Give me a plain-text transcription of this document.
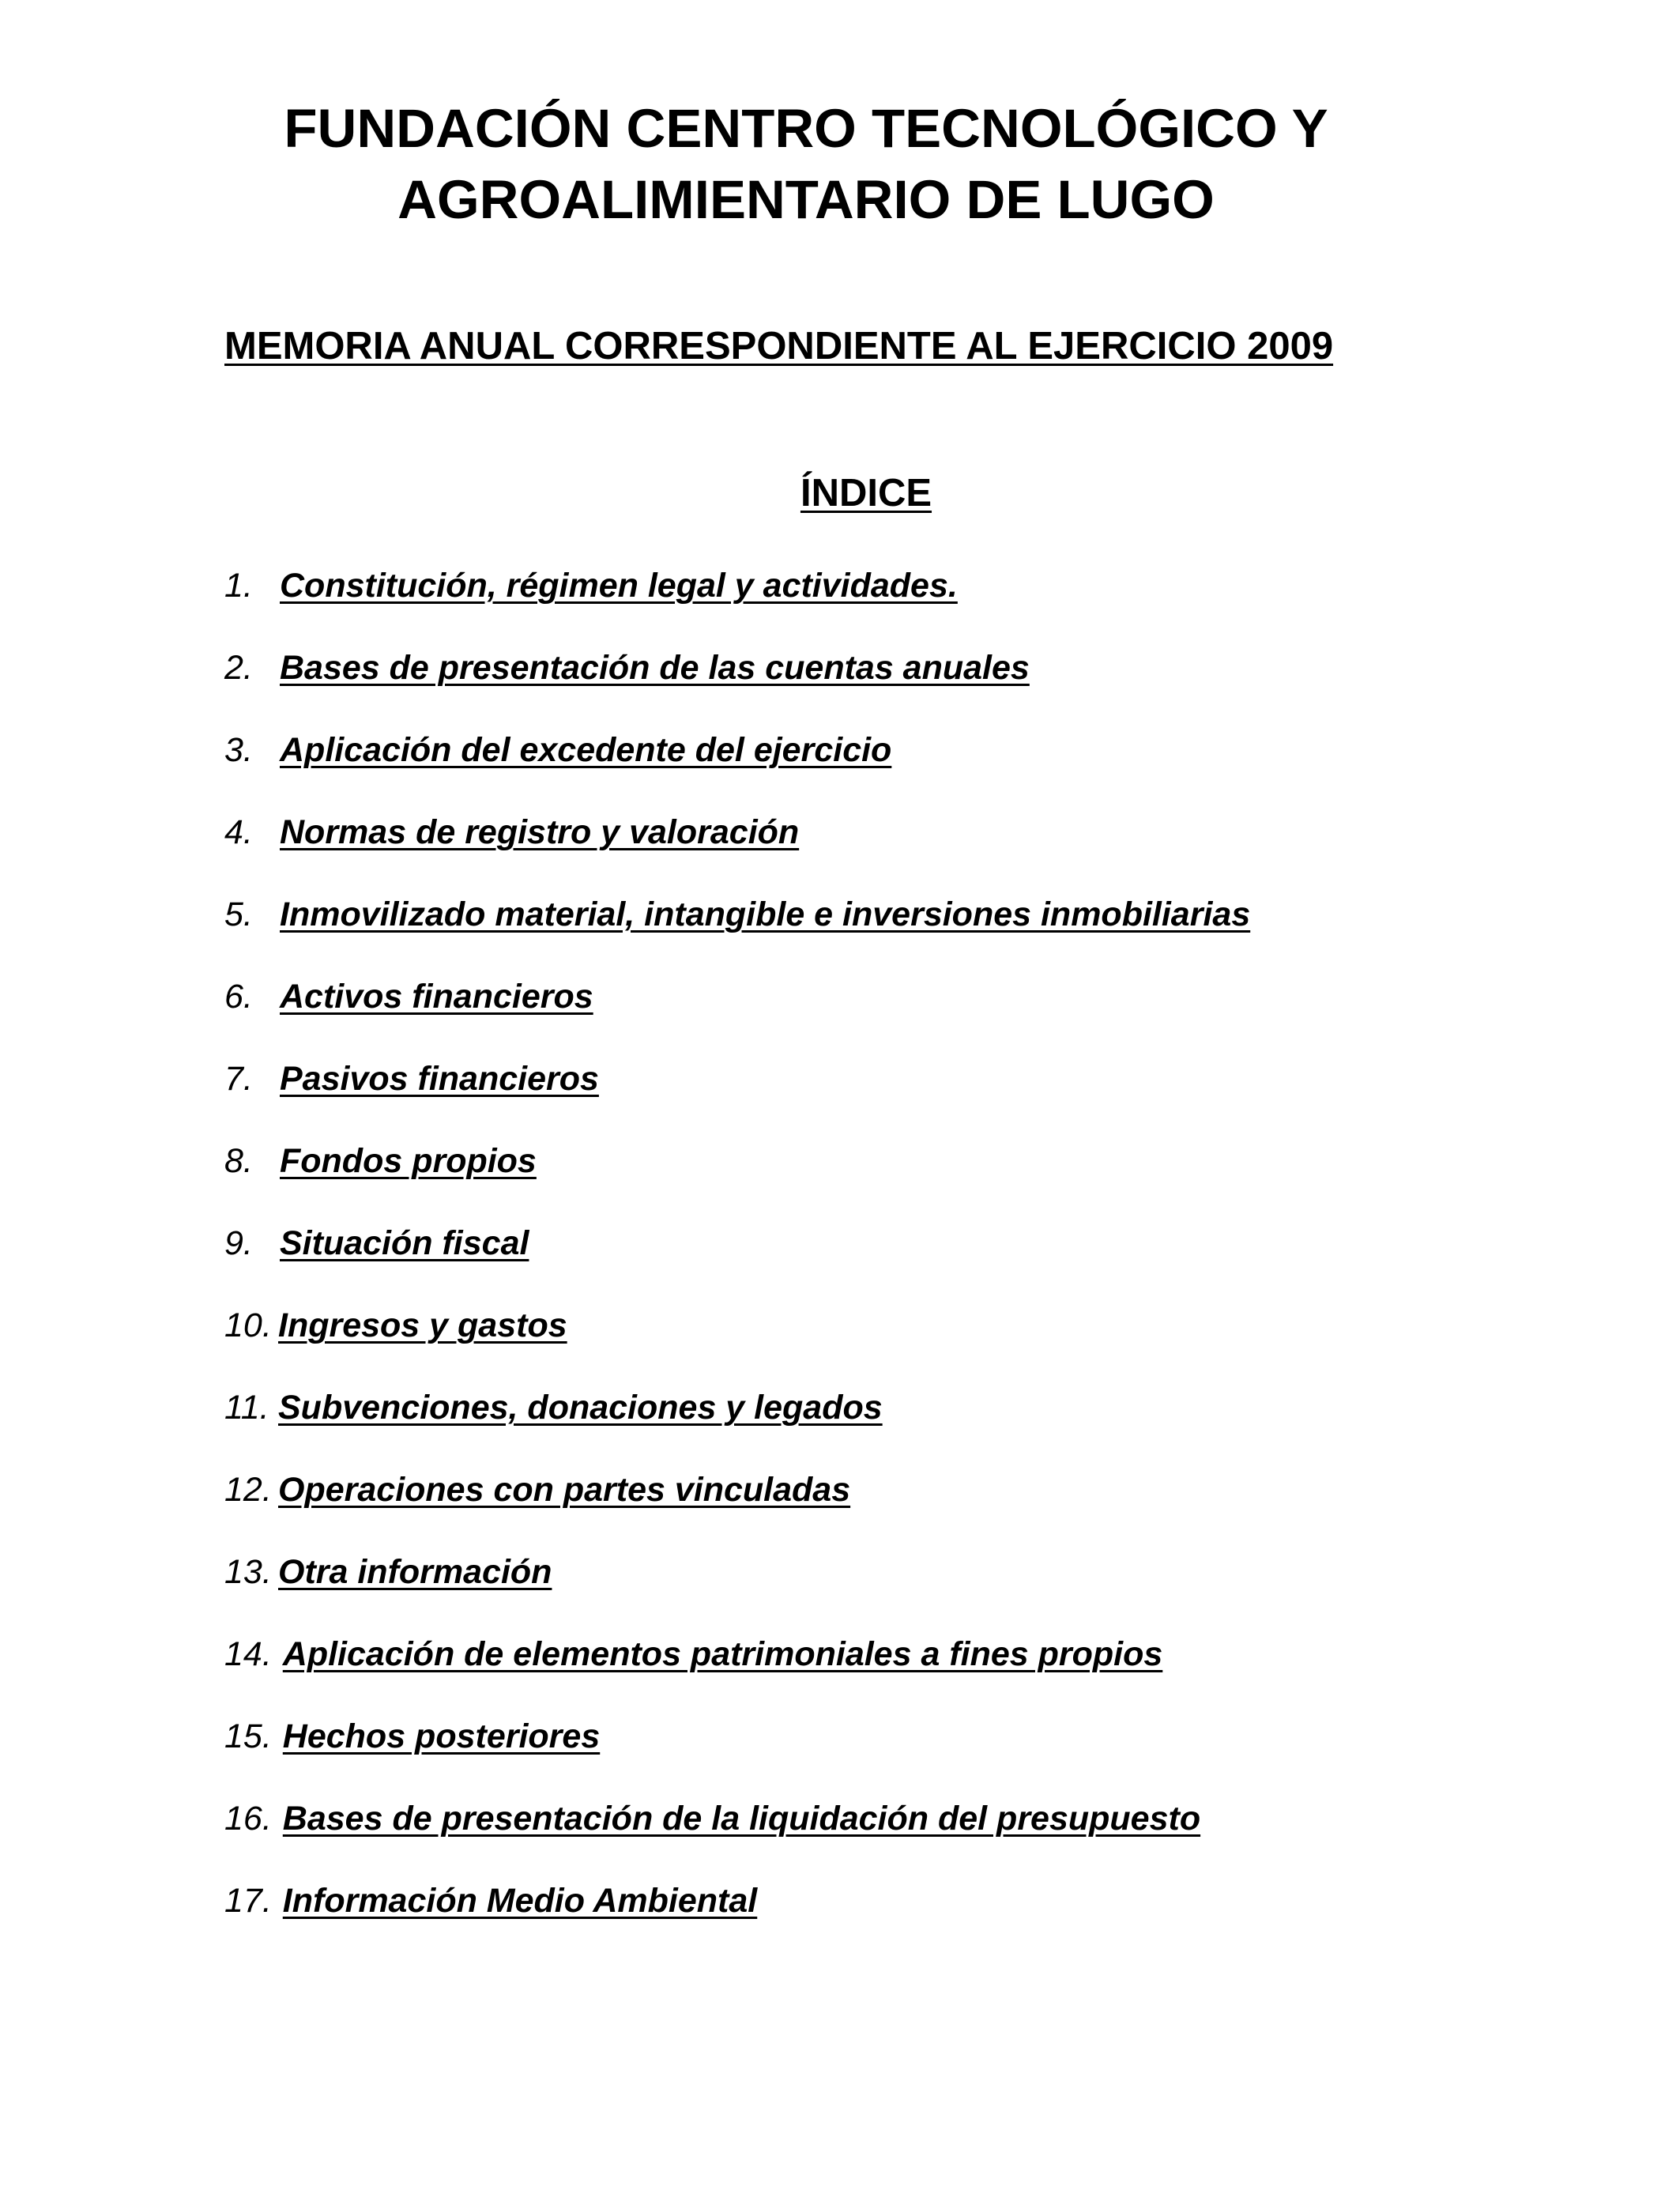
FUNDACIÓN CENTRO TECNOLÓGICO Y
AGROALIMIENTARIO DE LUGO
MEMORIA ANUAL CORRESPONDIENTE AL EJERCICIO 2009
ÍNDICE
1. Constitución, régimen legal y actividades.
2. Bases de presentación de las cuentas anuales
3. Aplicación del excedente del ejercicio
4. Normas de registro y valoración
5. Inmovilizado material, intangible e inversiones inmobiliarias
6. Activos financieros
7. Pasivos financieros
8. Fondos propios
9. Situación fiscal
10. Ingresos y gastos
11. Subvenciones, donaciones y legados
12. Operaciones con partes vinculadas
13. Otra información
14. Aplicación de elementos patrimoniales a fines propios
15. Hechos posteriores
16. Bases de presentación de la liquidación del presupuesto
17. Información Medio Ambiental
